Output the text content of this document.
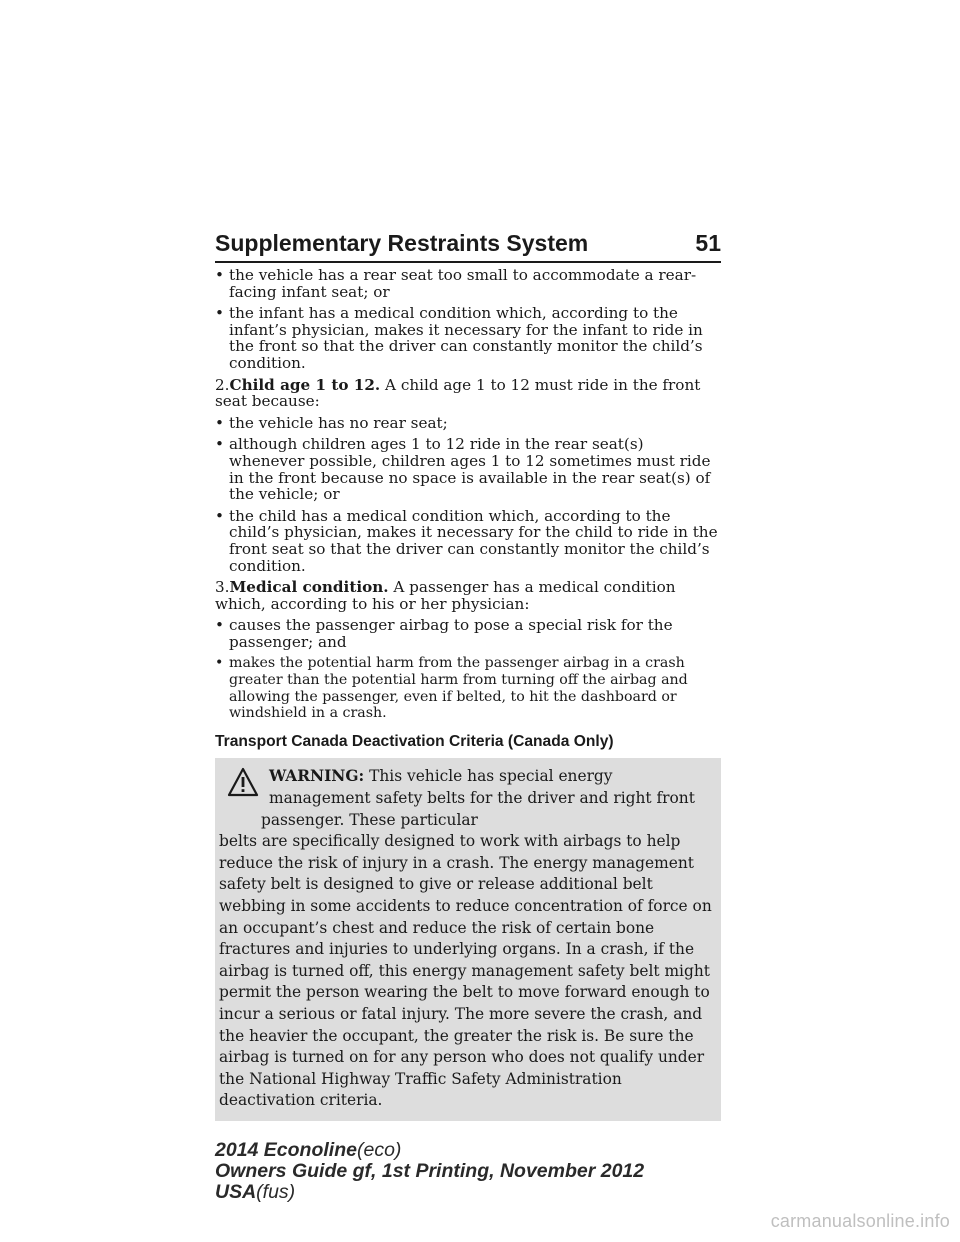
Supplementary Restraints System	51
• the vehicle has a rear seat too small to accommodate a rear-facing infant seat; or
• the infant has a medical condition which, according to the infant’s physician, makes it necessary for the infant to ride in the front so that the driver can constantly monitor the child’s condition.
2.Child age 1 to 12. A child age 1 to 12 must ride in the front seat because:
• the vehicle has no rear seat;
• although children ages 1 to 12 ride in the rear seat(s) whenever possible, children ages 1 to 12 sometimes must ride in the front because no space is available in the rear seat(s) of the vehicle; or
• the child has a medical condition which, according to the child’s physician, makes it necessary for the child to ride in the front seat so that the driver can constantly monitor the child’s condition.
3.Medical condition. A passenger has a medical condition which, according to his or her physician:
• causes the passenger airbag to pose a special risk for the passenger; and
• makes the potential harm from the passenger airbag in a crash greater than the potential harm from turning off the airbag and allowing the passenger, even if belted, to hit the dashboard or windshield in a crash.
Transport Canada Deactivation Criteria (Canada Only)
WARNING: This vehicle has special energy management safety belts for the driver and right front passenger. These particular
belts are specifically designed to work with airbags to help reduce the risk of injury in a crash. The energy management safety belt is designed to give or release additional belt webbing in some accidents to reduce concentration of force on an occupant’s chest and reduce the risk of certain bone fractures and injuries to underlying organs. In a crash, if the airbag is turned off, this energy management safety belt might permit the person wearing the belt to move forward enough to incur a serious or fatal injury. The more severe the crash, and the heavier the occupant, the greater the risk is. Be sure the airbag is turned on for any person who does not qualify under the National Highway Traffic Safety Administration deactivation criteria.
2014 Econoline(eco)
Owners Guide gf, 1st Printing, November 2012
USA(fus)
carmanualsonline.info
